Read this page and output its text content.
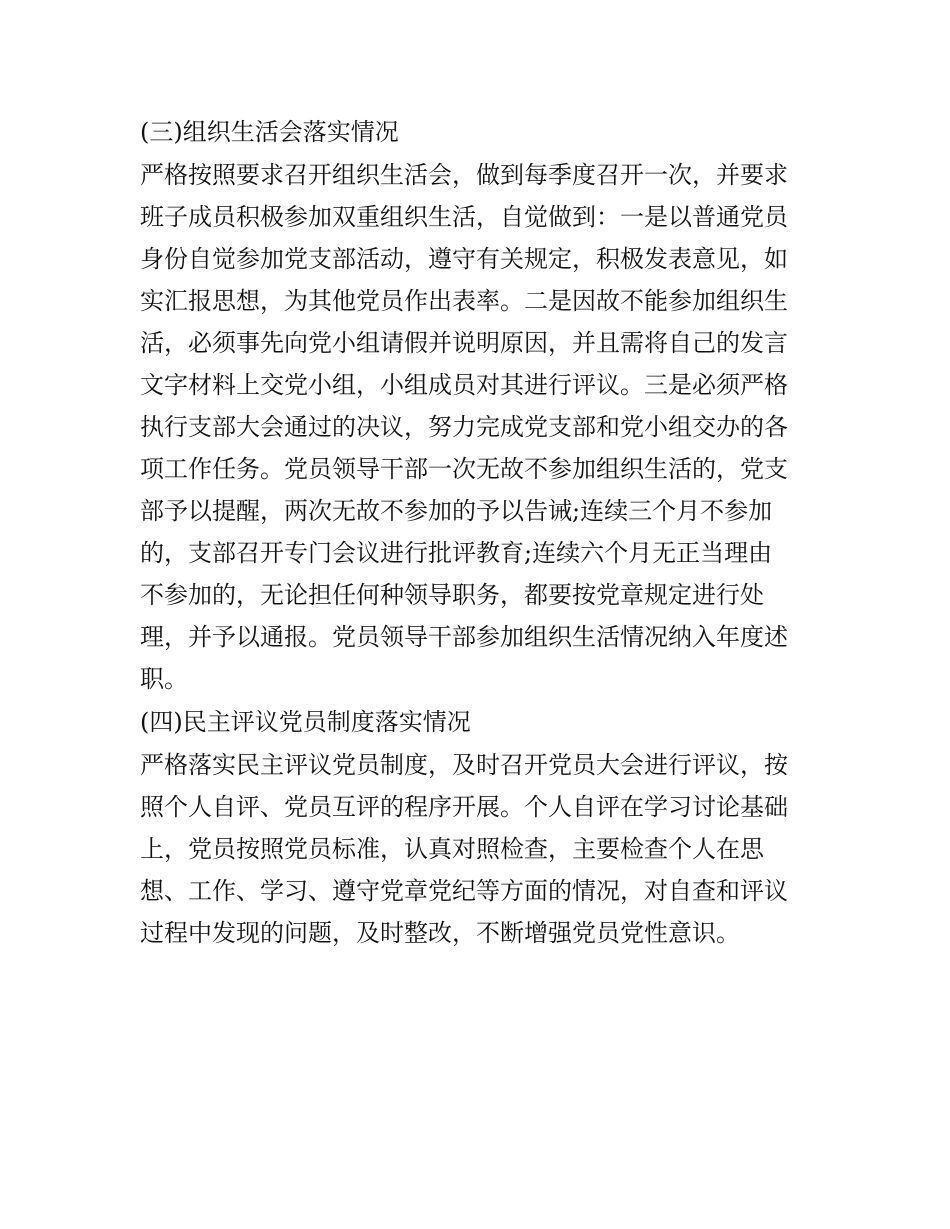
(三)组织生活会落实情况
严格按照要求召开组织生活会，做到每季度召开一次，并要求
班子成员积极参加双重组织生活，自觉做到：一是以普通党员
身份自觉参加党支部活动，遵守有关规定，积极发表意见，如
实汇报思想，为其他党员作出表率。二是因故不能参加组织生
活，必须事先向党小组请假并说明原因，并且需将自己的发言
文字材料上交党小组，小组成员对其进行评议。三是必须严格
执行支部大会通过的决议，努力完成党支部和党小组交办的各
项工作任务。党员领导干部一次无故不参加组织生活的，党支
部予以提醒，两次无故不参加的予以告诫;连续三个月不参加
的，支部召开专门会议进行批评教育;连续六个月无正当理由
不参加的，无论担任何种领导职务，都要按党章规定进行处
理，并予以通报。党员领导干部参加组织生活情况纳入年度述
职。
(四)民主评议党员制度落实情况
严格落实民主评议党员制度，及时召开党员大会进行评议，按
照个人自评、党员互评的程序开展。个人自评在学习讨论基础
上，党员按照党员标准，认真对照检查，主要检查个人在思
想、工作、学习、遵守党章党纪等方面的情况，对自查和评议
过程中发现的问题，及时整改，不断增强党员党性意识。
